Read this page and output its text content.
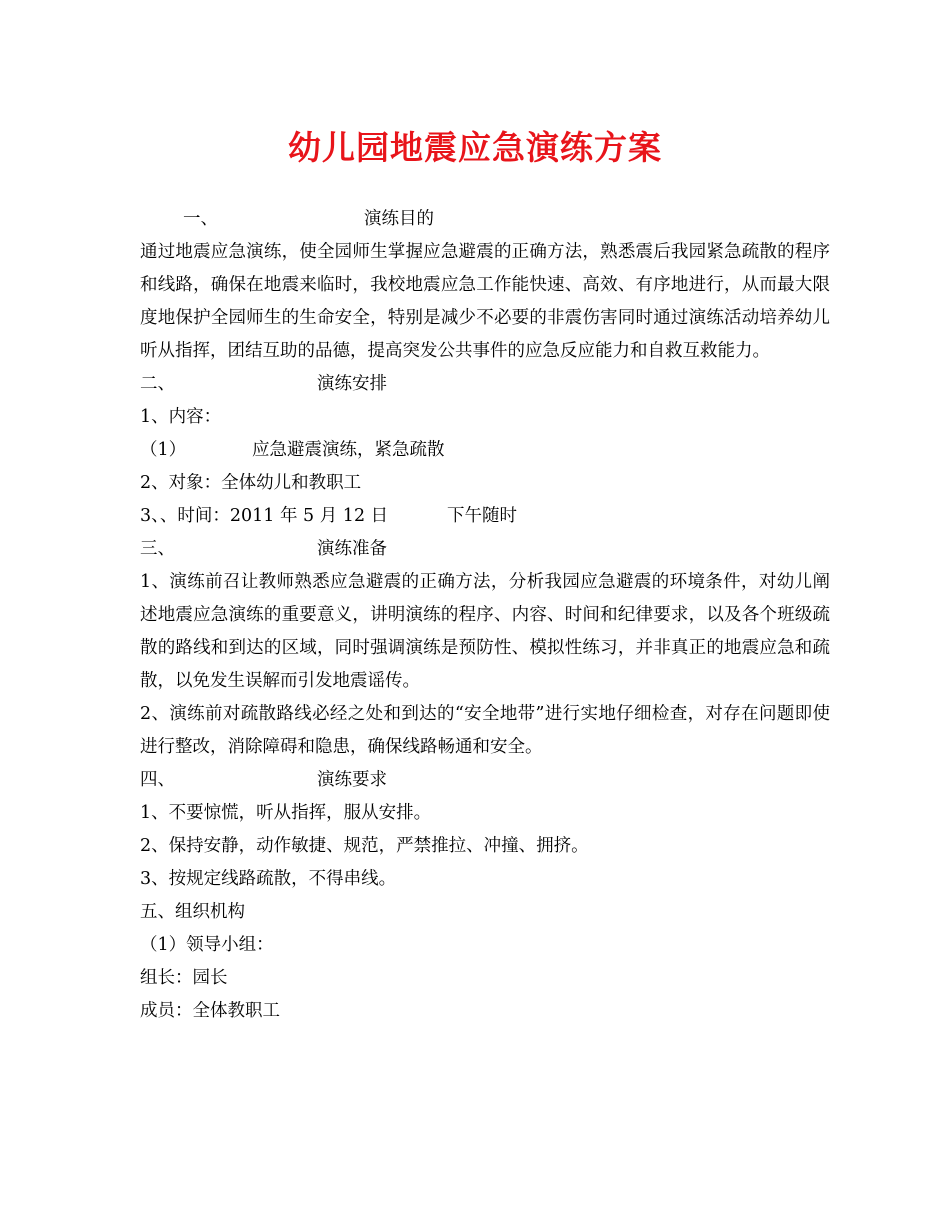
幼儿园地震应急演练方案
一、	演练目的
通过地震应急演练，使全园师生掌握应急避震的正确方法，熟悉震后我园紧急疏散的程序和线路，确保在地震来临时，我校地震应急工作能快速、高效、有序地进行，从而最大限度地保护全园师生的生命安全，特别是减少不必要的非震伤害同时通过演练活动培养幼儿听从指挥，团结互助的品德，提高突发公共事件的应急反应能力和自救互救能力。
二、	演练安排
1、内容：
（1）	应急避震演练，紧急疏散
2、对象：全体幼儿和教职工
3、、时间：2011 年 5 月 12 日	下午随时
三、	演练准备
1、演练前召让教师熟悉应急避震的正确方法，分析我园应急避震的环境条件，对幼儿阐述地震应急演练的重要意义，讲明演练的程序、内容、时间和纪律要求，以及各个班级疏散的路线和到达的区域，同时强调演练是预防性、模拟性练习，并非真正的地震应急和疏散，以免发生误解而引发地震谣传。
2、演练前对疏散路线必经之处和到达的“安全地带”进行实地仔细检查，对存在问题即使进行整改，消除障碍和隐患，确保线路畅通和安全。
四、	演练要求
1、不要惊慌，听从指挥，服从安排。
2、保持安静，动作敏捷、规范，严禁推拉、冲撞、拥挤。
3、按规定线路疏散，不得串线。
五、组织机构
（1）领导小组：
组长：园长
成员：全体教职工
